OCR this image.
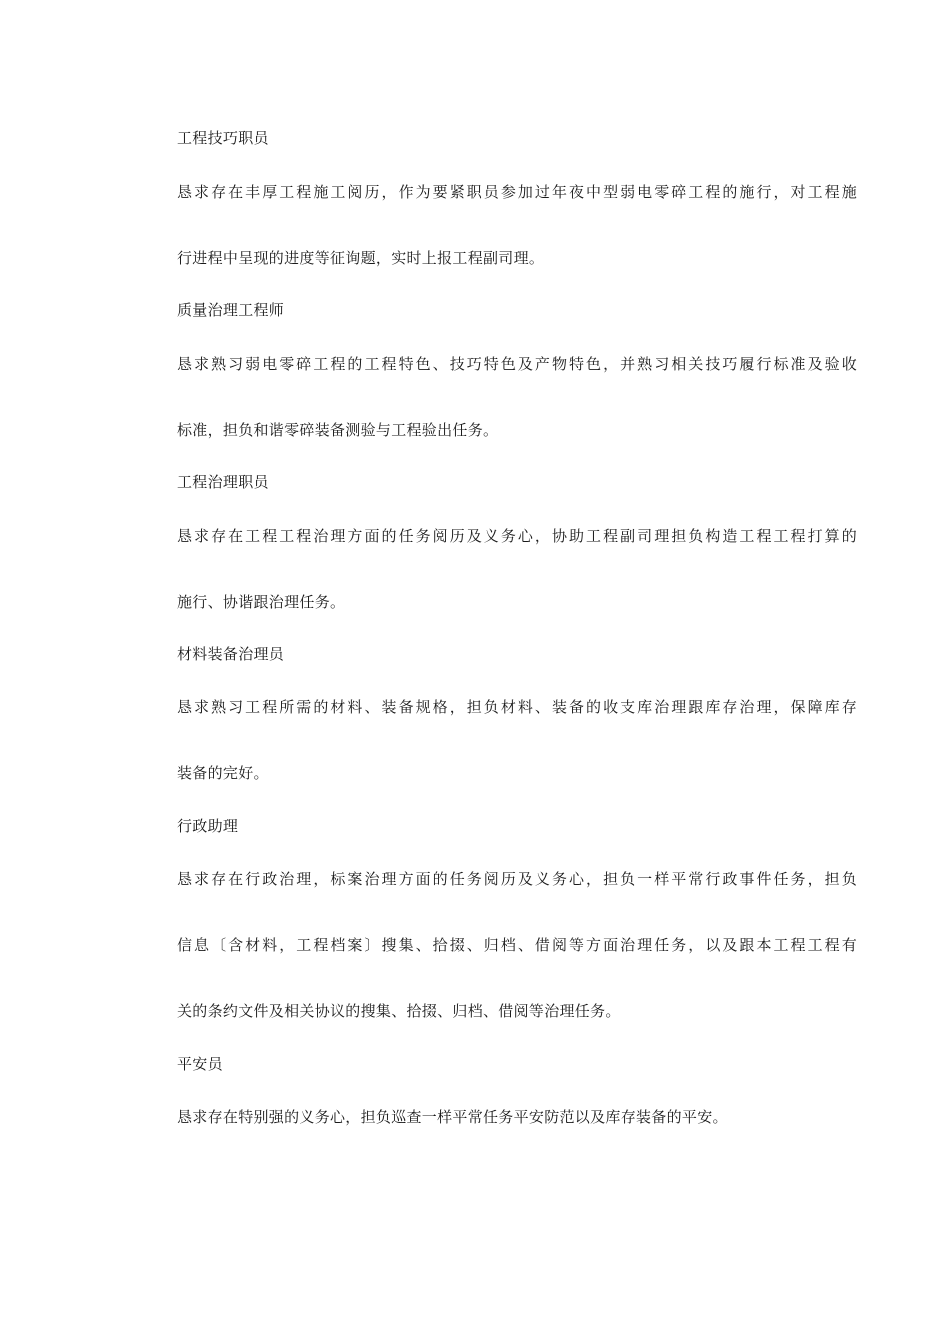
工程技巧职员
恳求存在丰厚工程施工阅历，作为要紧职员参加过年夜中型弱电零碎工程的施行，对工程施
行进程中呈现的进度等征询题，实时上报工程副司理。
质量治理工程师
恳求熟习弱电零碎工程的工程特色、技巧特色及产物特色，并熟习相关技巧履行标准及验收
标准，担负和谐零碎装备测验与工程验出任务。
工程治理职员
恳求存在工程工程治理方面的任务阅历及义务心，协助工程副司理担负构造工程工程打算的
施行、协谐跟治理任务。
材料装备治理员
恳求熟习工程所需的材料、装备规格，担负材料、装备的收支库治理跟库存治理，保障库存
装备的完好。
行政助理
恳求存在行政治理，标案治理方面的任务阅历及义务心，担负一样平常行政事件任务，担负
信息〔含材料，工程档案〕搜集、拾掇、归档、借阅等方面治理任务，以及跟本工程工程有
关的条约文件及相关协议的搜集、拾掇、归档、借阅等治理任务。
平安员
恳求存在特别强的义务心，担负巡查一样平常任务平安防范以及库存装备的平安。
